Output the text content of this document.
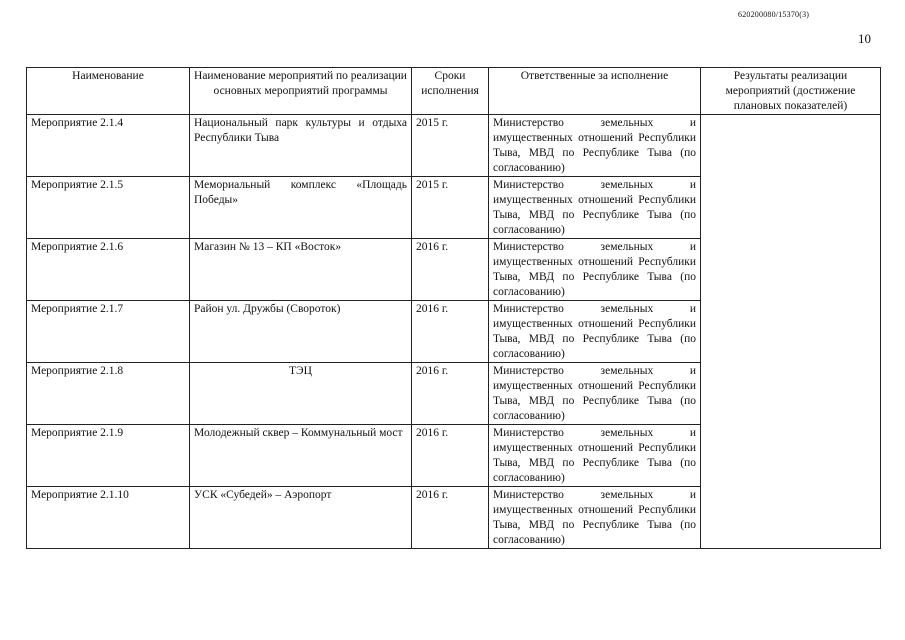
620200080/15370(3)
10
Наименование	Наименование мероприятий по реализации основных мероприятий программы	Сроки исполнения	Ответственные за исполнение	Результаты реализации мероприятий (достижение плановых показателей)
Мероприятие 2.1.4	Национальный парк культуры и отдыха Республики Тыва	2015 г.	Министерство земельных и имущественных отношений Республики Тыва, МВД по Республике Тыва (по согласованию)	
Мероприятие 2.1.5	Мемориальный комплекс «Площадь Победы»	2015 г.	Министерство земельных и имущественных отношений Республики Тыва, МВД по Республике Тыва (по согласованию)	
Мероприятие 2.1.6	Магазин № 13 – КП «Восток»	2016 г.	Министерство земельных и имущественных отношений Республики Тыва, МВД по Республике Тыва (по согласованию)	
Мероприятие 2.1.7	Район ул. Дружбы (Свороток)	2016 г.	Министерство земельных и имущественных отношений Республики Тыва, МВД по Республике Тыва (по согласованию)	
Мероприятие 2.1.8	ТЭЦ	2016 г.	Министерство земельных и имущественных отношений Республики Тыва, МВД по Республике Тыва (по согласованию)	
Мероприятие 2.1.9	Молодежный сквер – Коммунальный мост	2016 г.	Министерство земельных и имущественных отношений Республики Тыва, МВД по Республике Тыва (по согласованию)	
Мероприятие 2.1.10	УСК «Субедей» – Аэропорт	2016 г.	Министерство земельных и имущественных отношений Республики Тыва, МВД по Республике Тыва (по согласованию)	
